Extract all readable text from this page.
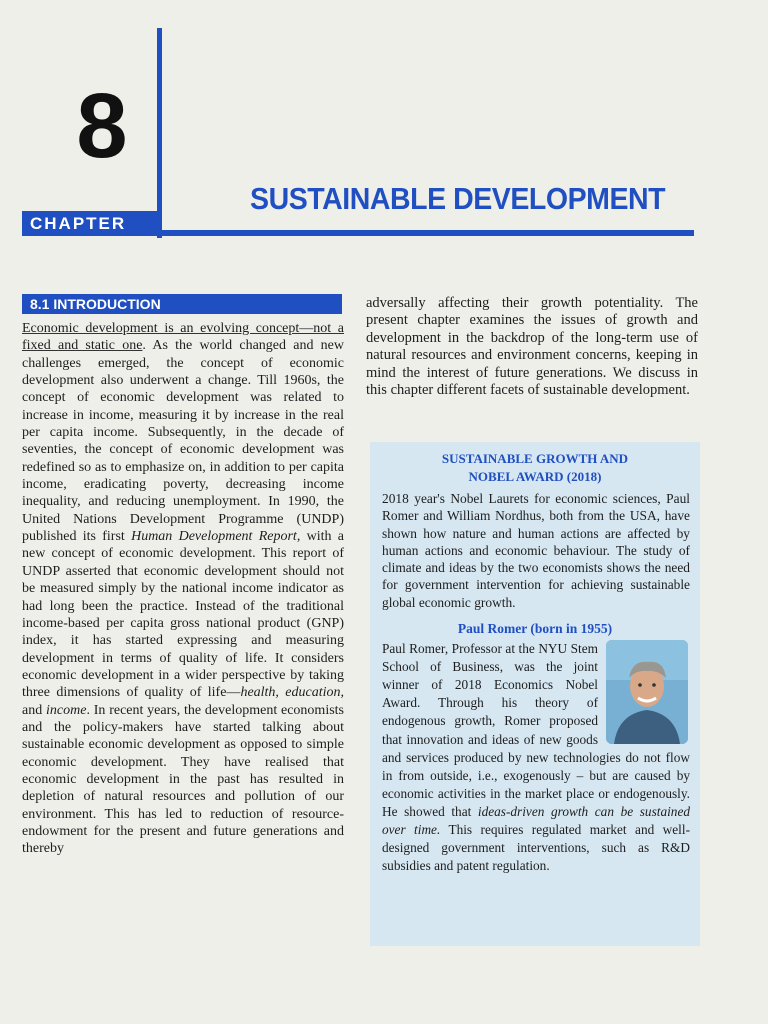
8
CHAPTER
SUSTAINABLE DEVELOPMENT
8.1 INTRODUCTION
Economic development is an evolving concept—not a fixed and static one. As the world changed and new challenges emerged, the concept of economic development also underwent a change. Till 1960s, the concept of economic development was related to increase in income, measuring it by increase in the real per capita income. Subsequently, in the decade of seventies, the concept of economic development was redefined so as to emphasize on, in addition to per capita income, eradicating poverty, decreasing income inequality, and reducing unemployment. In 1990, the United Nations Development Programme (UNDP) published its first Human Development Report, with a new concept of economic development. This report of UNDP asserted that economic development should not be measured simply by the national income indicator as had long been the practice. Instead of the traditional income-based per capita gross national product (GNP) index, it has started expressing and measuring development in terms of quality of life. It considers economic development in a wider perspective by taking three dimensions of quality of life—health, education, and income. In recent years, the development economists and the policy-makers have started talking about sustainable economic development as opposed to simple economic development. They have realised that economic development in the past has resulted in depletion of natural resources and pollution of our environment. This has led to reduction of resource-endowment for the present and future generations and thereby
adversally affecting their growth potentiality. The present chapter examines the issues of growth and development in the backdrop of the long-term use of natural resources and environment concerns, keeping in mind the interest of future generations. We discuss in this chapter different facets of sustainable development.
SUSTAINABLE GROWTH AND
NOBEL AWARD (2018)
2018 year's Nobel Laurets for economic sciences, Paul Romer and William Nordhus, both from the USA, have shown how nature and human actions are affected by human actions and economic behaviour. The study of climate and ideas by the two economists shows the need for government intervention for achieving sustainable global economic growth.
Paul Romer (born in 1955)
Paul Romer, Professor at the NYU Stem School of Business, was the joint winner of 2018 Economics Nobel Award. Through his theory of endogenous growth, Romer proposed that innovation and ideas of new goods and services produced by new technologies do not flow in from outside, i.e., exogenously – but are caused by economic activities in the market place or endogenously. He showed that ideas-driven growth can be sustained over time. This requires regulated market and well-designed government interventions, such as R&D subsidies and patent regulation.
